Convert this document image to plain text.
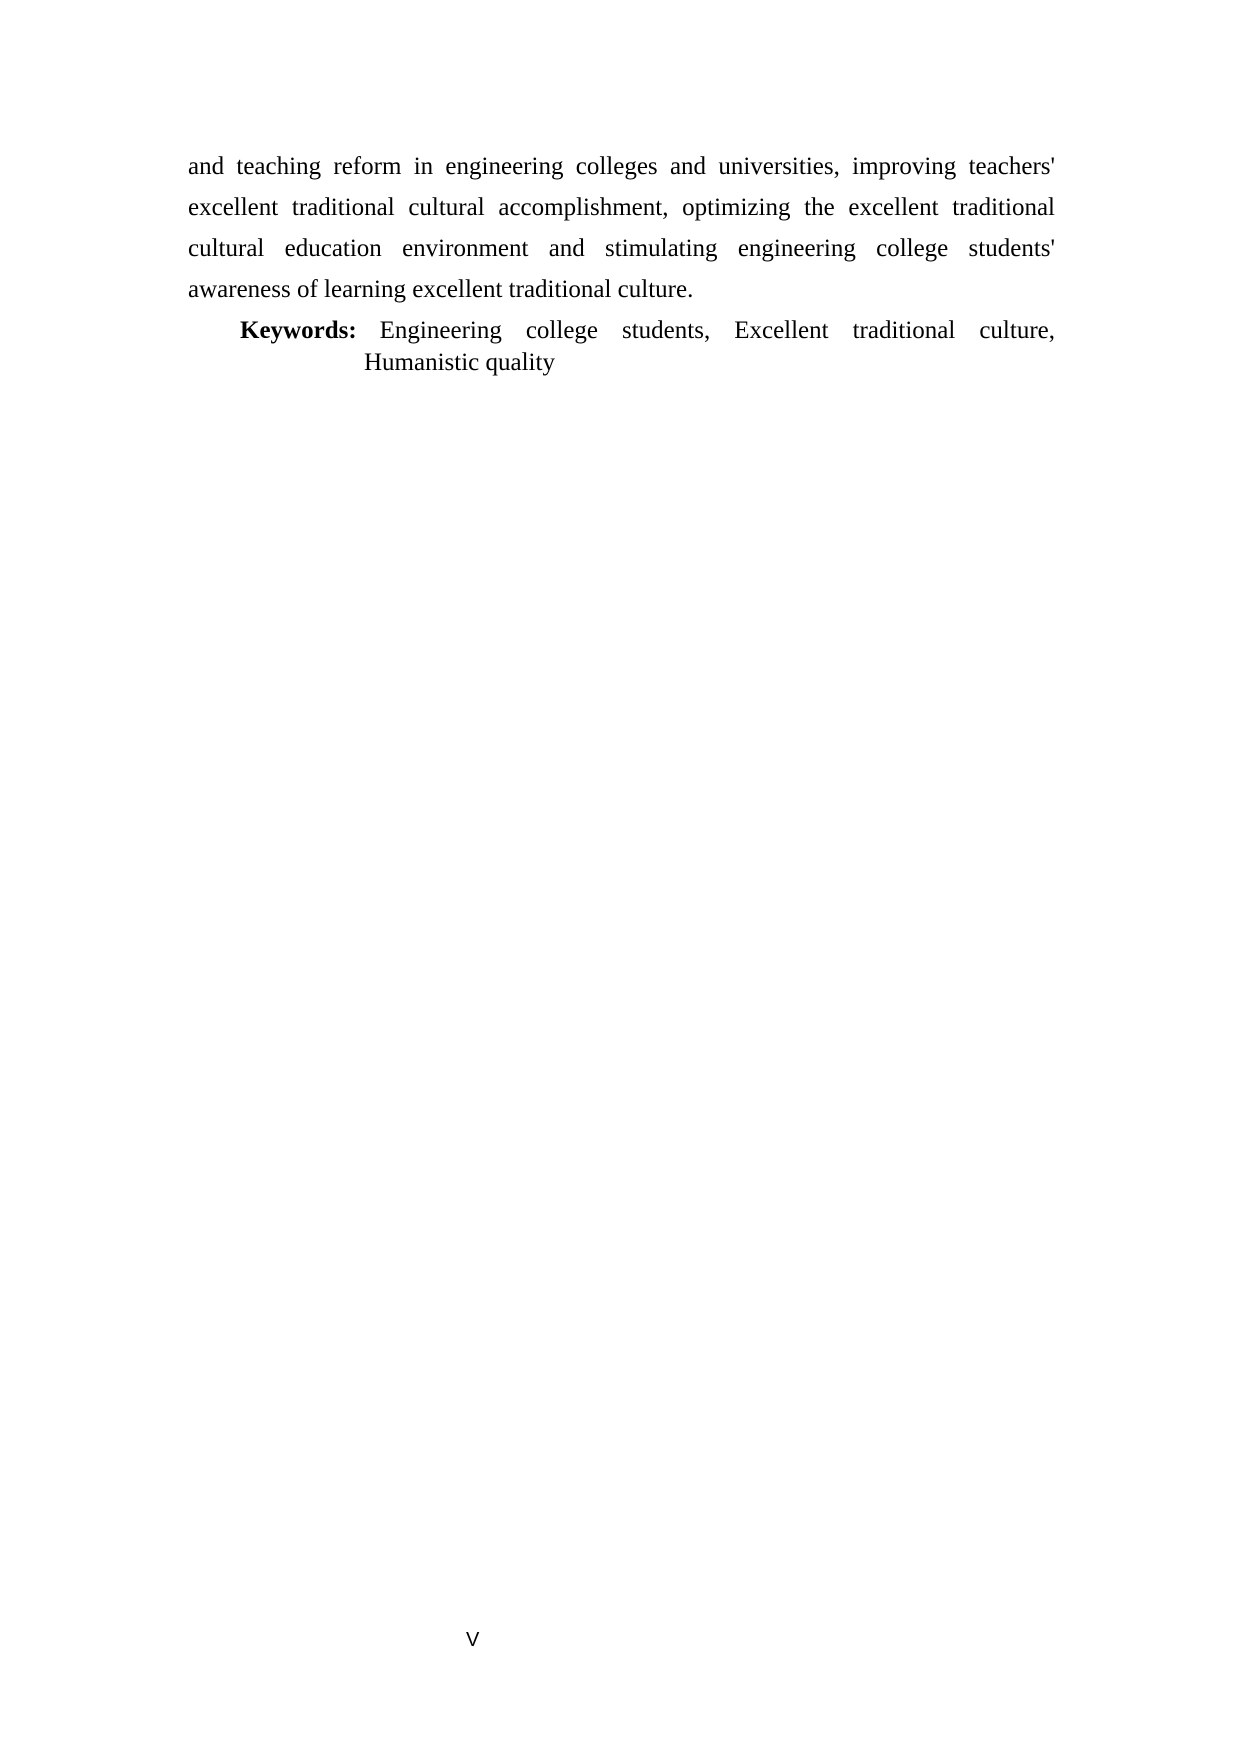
and teaching reform in engineering colleges and universities, improving teachers'
excellent traditional cultural accomplishment, optimizing the excellent traditional
cultural education environment and stimulating engineering college students'
awareness of learning excellent traditional culture.
Keywords: Engineering college students, Excellent traditional culture,
Humanistic quality
V
